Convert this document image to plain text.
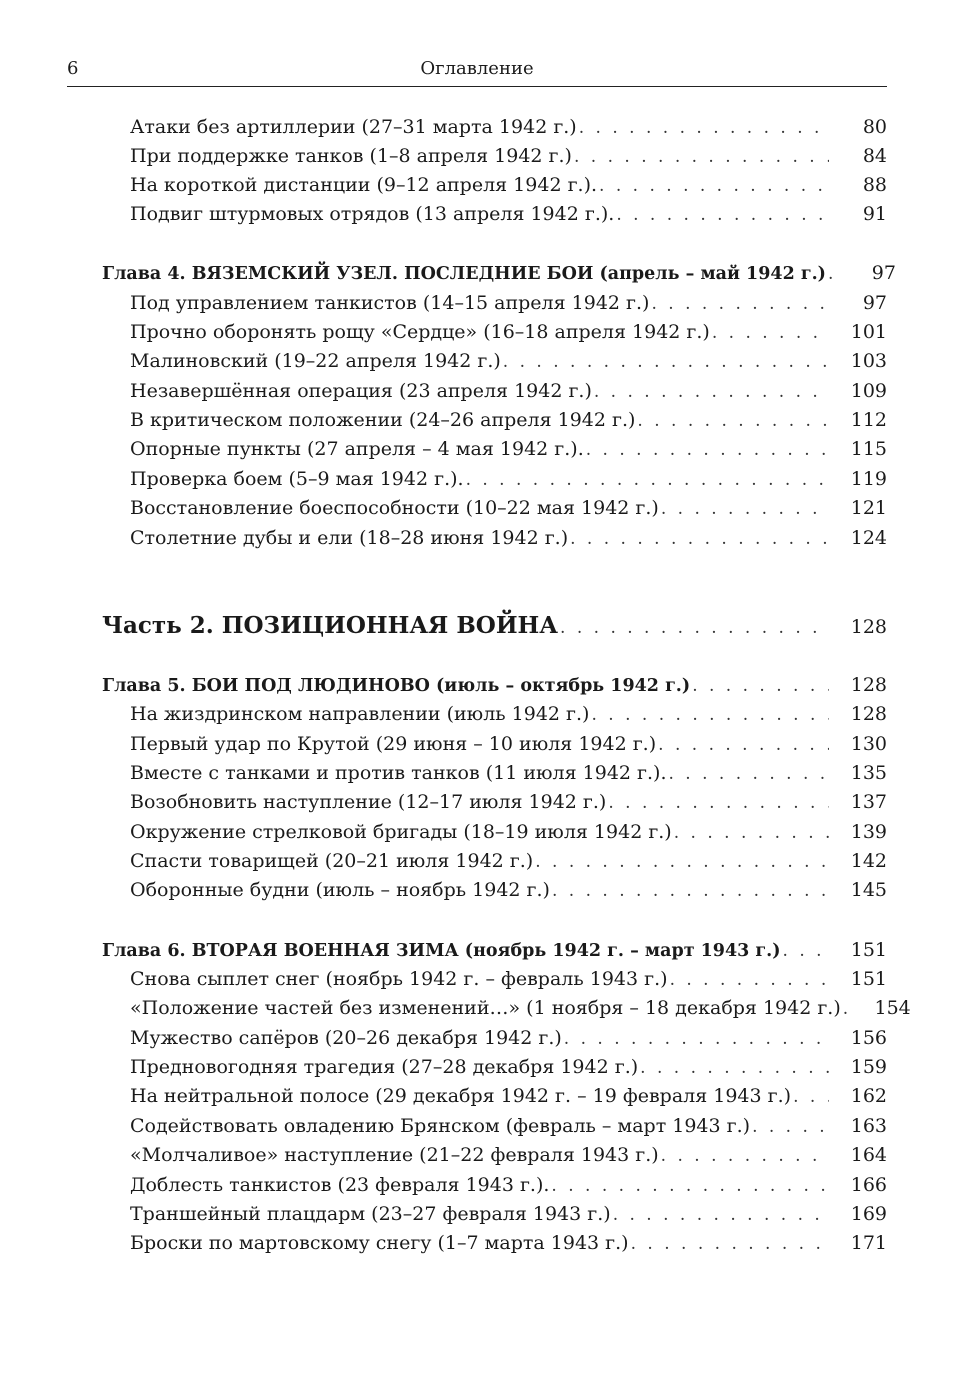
6	Оглавление
Атаки без артиллерии (27–31 марта 1942 г.) . . .	80
При поддержке танков (1–8 апреля 1942 г.) . . .	84
На короткой дистанции (9–12 апреля 1942 г.). . . .	88
Подвиг штурмовых отрядов (13 апреля 1942 г.). . . .	91
Глава 4. ВЯЗЕМСКИЙ УЗЕЛ. ПОСЛЕДНИЕ БОИ (апрель – май 1942 г.) . . .	97
Под управлением танкистов (14–15 апреля 1942 г.) . . .	97
Прочно оборонять рощу «Сердце» (16–18 апреля 1942 г.) . . .	101
Малиновский (19–22 апреля 1942 г.) . . .	103
Незавершённая операция (23 апреля 1942 г.) . . .	109
В критическом положении (24–26 апреля 1942 г.) . . .	112
Опорные пункты (27 апреля – 4 мая 1942 г.). . . .	115
Проверка боем (5–9 мая 1942 г.). . . .	119
Восстановление боеспособности (10–22 мая 1942 г.) . . .	121
Столетние дубы и ели (18–28 июня 1942 г.) . . .	124
Часть 2. ПОЗИЦИОННАЯ ВОЙНА . . .	128
Глава 5. БОИ ПОД ЛЮДИНОВО (июль – октябрь 1942 г.) . . .	128
На жиздринском направлении (июль 1942 г.) . . .	128
Первый удар по Крутой (29 июня – 10 июля 1942 г.) . . .	130
Вместе с танками и против танков (11 июля 1942 г.). . . .	135
Возобновить наступление (12–17 июля 1942 г.) . . .	137
Окружение стрелковой бригады (18–19 июля 1942 г.) . . .	139
Спасти товарищей (20–21 июля 1942 г.) . . .	142
Оборонные будни (июль – ноябрь 1942 г.) . . .	145
Глава 6. ВТОРАЯ ВОЕННАЯ ЗИМА (ноябрь 1942 г. – март 1943 г.) . . .	151
Снова сыплет снег (ноябрь 1942 г. – февраль 1943 г.) . . .	151
«Положение частей без изменений…» (1 ноября – 18 декабря 1942 г.) . . .	154
Мужество сапёров (20–26 декабря 1942 г.) . . .	156
Предновогодняя трагедия (27–28 декабря 1942 г.) . . .	159
На нейтральной полосе (29 декабря 1942 г. – 19 февраля 1943 г.) . . .	162
Содействовать овладению Брянском (февраль – март 1943 г.) . . .	163
«Молчаливое» наступление (21–22 февраля 1943 г.) . . .	164
Доблесть танкистов (23 февраля 1943 г.). . . .	166
Траншейный плацдарм (23–27 февраля 1943 г.) . . .	169
Броски по мартовскому снегу (1–7 марта 1943 г.) . . .	171
